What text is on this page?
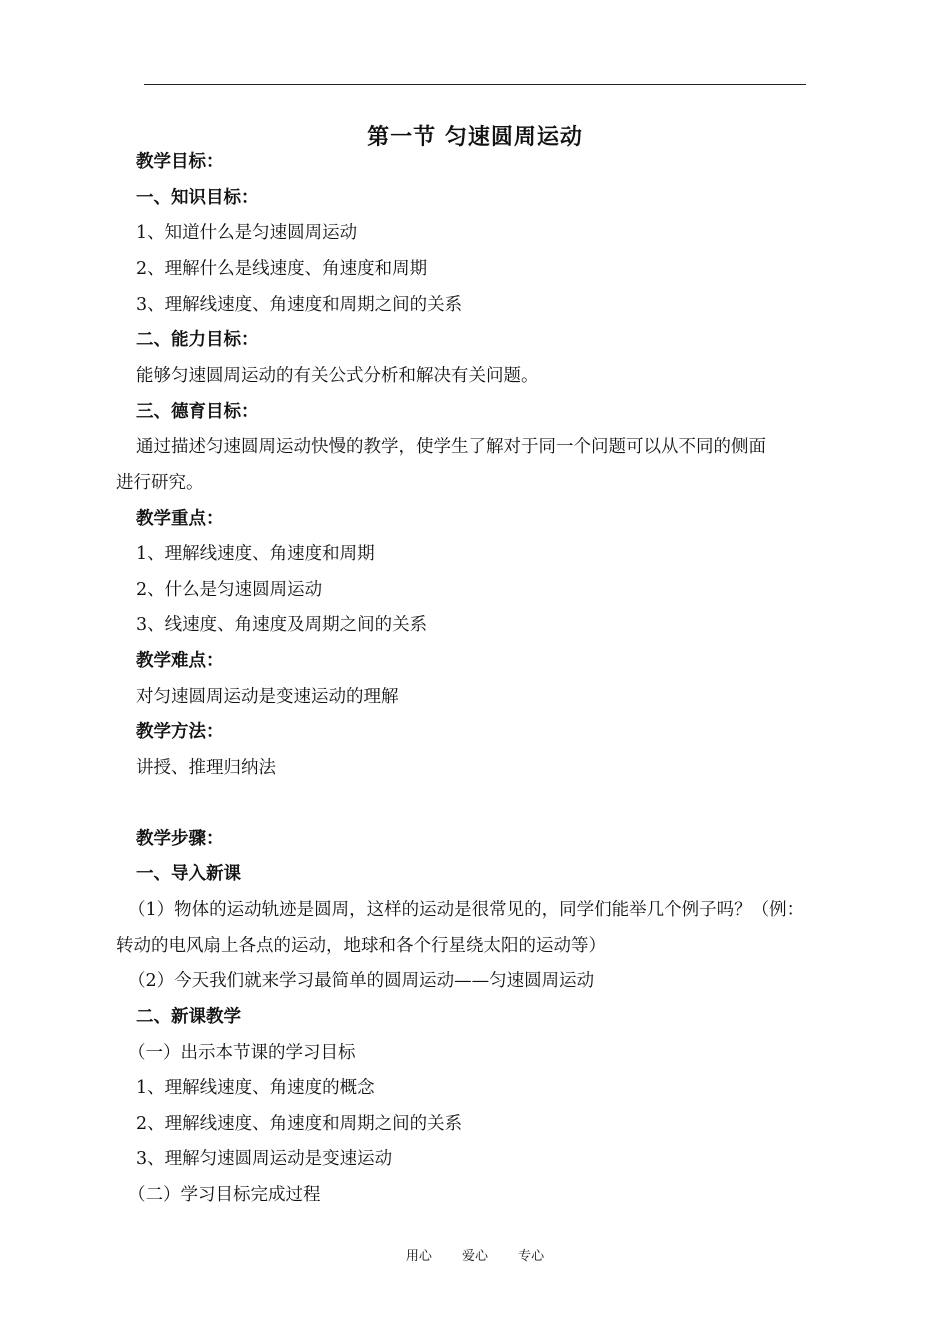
第一节 匀速圆周运动
教学目标：
一、知识目标：
1、知道什么是匀速圆周运动
2、理解什么是线速度、角速度和周期
3、理解线速度、角速度和周期之间的关系
二、能力目标：
能够匀速圆周运动的有关公式分析和解决有关问题。
三、德育目标：
通过描述匀速圆周运动快慢的教学，使学生了解对于同一个问题可以从不同的侧面
进行研究。
教学重点：
1、理解线速度、角速度和周期
2、什么是匀速圆周运动
3、线速度、角速度及周期之间的关系
教学难点：
对匀速圆周运动是变速运动的理解
教学方法：
讲授、推理归纳法
教学步骤：
一、导入新课
（1）物体的运动轨迹是圆周，这样的运动是很常见的，同学们能举几个例子吗？（例：
转动的电风扇上各点的运动，地球和各个行星绕太阳的运动等）
（2）今天我们就来学习最简单的圆周运动——匀速圆周运动
二、新课教学
（一）出示本节课的学习目标
1、理解线速度、角速度的概念
2、理解线速度、角速度和周期之间的关系
3、理解匀速圆周运动是变速运动
（二）学习目标完成过程
用心 爱心 专心
